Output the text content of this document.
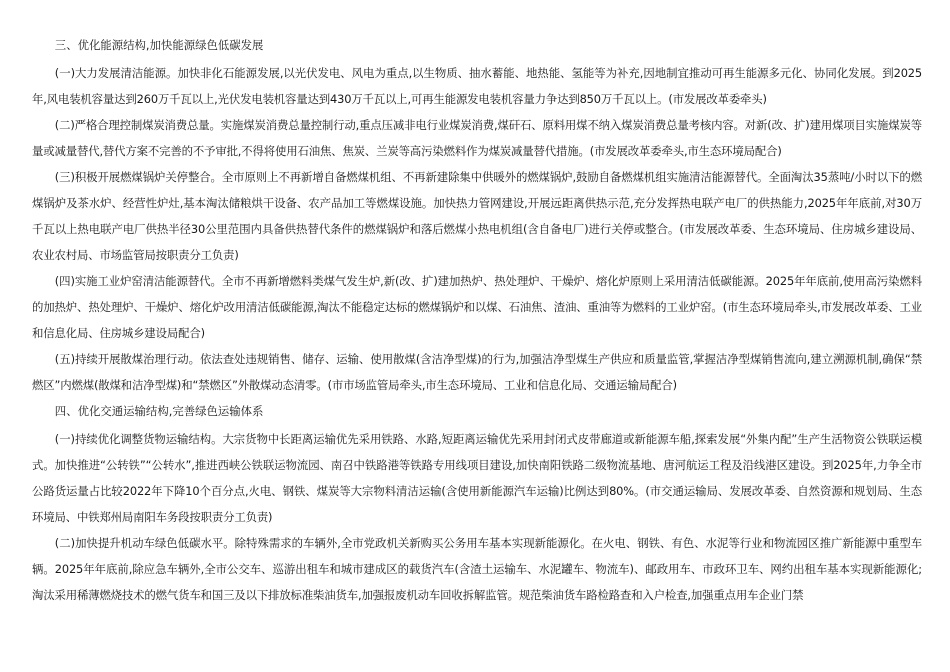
三、优化能源结构,加快能源绿色低碳发展

(一)大力发展清洁能源。加快非化石能源发展,以光伏发电、风电为重点,以生物质、抽水蓄能、地热能、氢能等为补充,因地制宜推动可再生能源多元化、协同化发展。到2025年,风电装机容量达到260万千瓦以上,光伏发电装机容量达到430万千瓦以上,可再生能源发电装机容量力争达到850万千瓦以上。(市发展改革委牵头)

(二)严格合理控制煤炭消费总量。实施煤炭消费总量控制行动,重点压减非电行业煤炭消费,煤矸石、原料用煤不纳入煤炭消费总量考核内容。对新(改、扩)建用煤项目实施煤炭等量或减量替代,替代方案不完善的不予审批,不得将使用石油焦、焦炭、兰炭等高污染燃料作为煤炭减量替代措施。(市发展改革委牵头,市生态环境局配合)

(三)积极开展燃煤锅炉关停整合。全市原则上不再新增自备燃煤机组、不再新建除集中供暖外的燃煤锅炉,鼓励自备燃煤机组实施清洁能源替代。全面淘汰35蒸吨/小时以下的燃煤锅炉及茶水炉、经营性炉灶,基本淘汰储粮烘干设备、农产品加工等燃煤设施。加快热力管网建设,开展远距离供热示范,充分发挥热电联产电厂的供热能力,2025年年底前,对30万千瓦以上热电联产电厂供热半径30公里范围内具备供热替代条件的燃煤锅炉和落后燃煤小热电机组(含自备电厂)进行关停或整合。(市发展改革委、生态环境局、住房城乡建设局、农业农村局、市场监管局按职责分工负责)

(四)实施工业炉窑清洁能源替代。全市不再新增燃料类煤气发生炉,新(改、扩)建加热炉、热处理炉、干燥炉、熔化炉原则上采用清洁低碳能源。2025年年底前,使用高污染燃料的加热炉、热处理炉、干燥炉、熔化炉改用清洁低碳能源,淘汰不能稳定达标的燃煤锅炉和以煤、石油焦、渣油、重油等为燃料的工业炉窑。(市生态环境局牵头,市发展改革委、工业和信息化局、住房城乡建设局配合)

(五)持续开展散煤治理行动。依法查处违规销售、储存、运输、使用散煤(含洁净型煤)的行为,加强洁净型煤生产供应和质量监管,掌握洁净型煤销售流向,建立溯源机制,确保“禁燃区”内燃煤(散煤和洁净型煤)和“禁燃区”外散煤动态清零。(市市场监管局牵头,市生态环境局、工业和信息化局、交通运输局配合)

四、优化交通运输结构,完善绿色运输体系

(一)持续优化调整货物运输结构。大宗货物中长距离运输优先采用铁路、水路,短距离运输优先采用封闭式皮带廊道或新能源车船,探索发展“外集内配”生产生活物资公铁联运模式。加快推进“公转铁”“公转水”,推进西峡公铁联运物流园、南召中铁路港等铁路专用线项目建设,加快南阳铁路二级物流基地、唐河航运工程及沿线港区建设。到2025年,力争全市公路货运量占比较2022年下降10个百分点,火电、钢铁、煤炭等大宗物料清洁运输(含使用新能源汽车运输)比例达到80%。(市交通运输局、发展改革委、自然资源和规划局、生态环境局、中铁郑州局南阳车务段按职责分工负责)

(二)加快提升机动车绿色低碳水平。除特殊需求的车辆外,全市党政机关新购买公务用车基本实现新能源化。在火电、钢铁、有色、水泥等行业和物流园区推广新能源中重型车辆。2025年年底前,除应急车辆外,全市公交车、巡游出租车和城市建成区的载货汽车(含渣土运输车、水泥罐车、物流车)、邮政用车、市政环卫车、网约出租车基本实现新能源化;淘汰采用稀薄燃烧技术的燃气货车和国三及以下排放标准柴油货车,加强报废机动车回收拆解监管。规范柴油货车路检路查和入户检查,加强重点用车企业门禁
